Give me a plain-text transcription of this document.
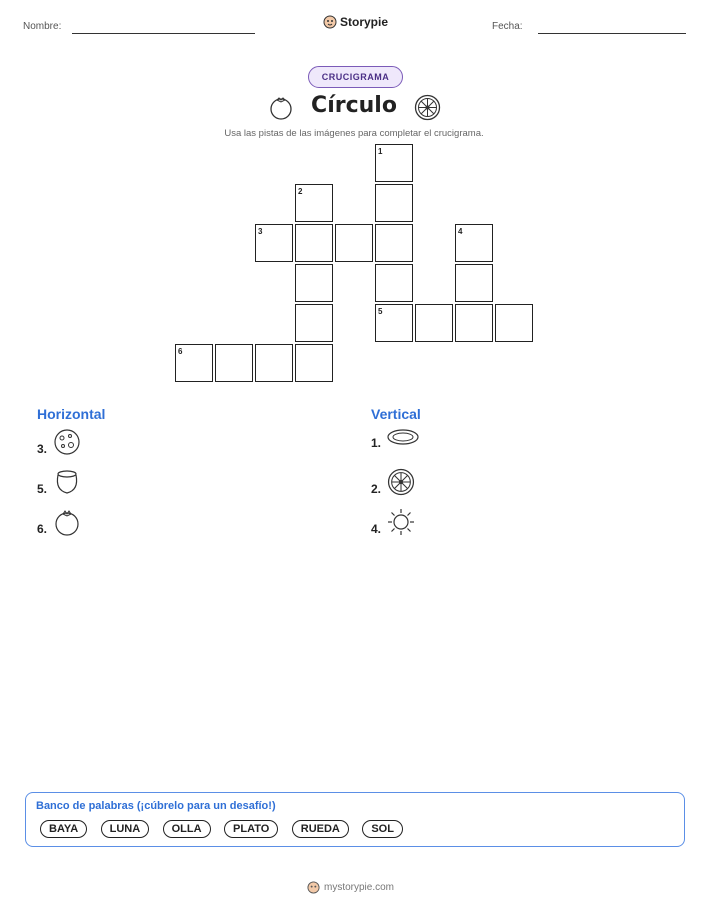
Nombre:	Storypie	Fecha:
CRUCIGRAMA
Círculo
Usa las pistas de las imágenes para completar el crucigrama.
1
5
2
3	4
6
Horizontal
3.
5.
6.
Vertical
1.
2.
4.
Banco de palabras (¡cúbrelo para un desafío!)
BAYA	LUNA	OLLA	PLATO	RUEDA	SOL
mystorypie.com
